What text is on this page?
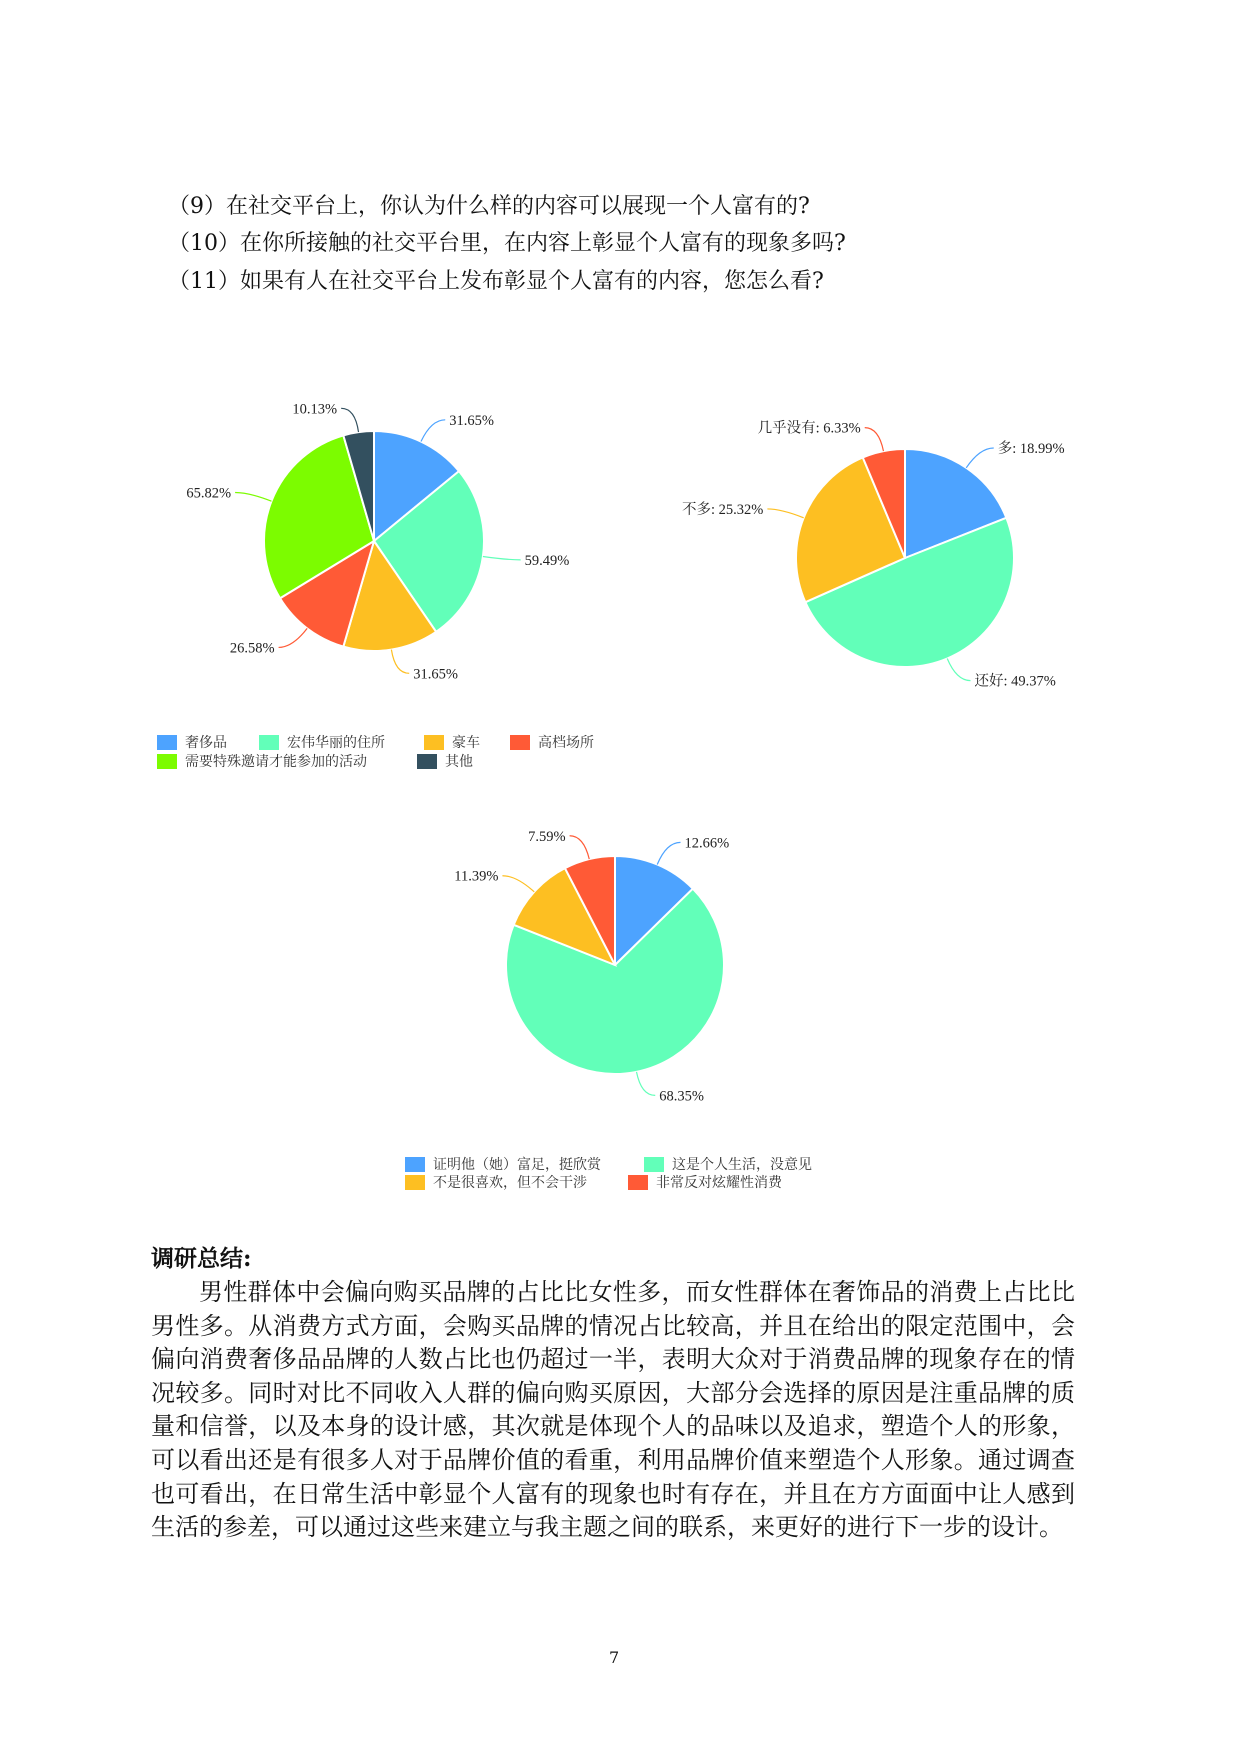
（9）在社交平台上，你认为什么样的内容可以展现一个人富有的?
（10）在你所接触的社交平台里，在内容上彰显个人富有的现象多吗?
（11）如果有人在社交平台上发布彰显个人富有的内容，您怎么看?
31.65%
59.49%
31.65%
26.58%
65.82%
10.13%
多: 18.99%
还好: 49.37%
不多: 25.32%
几乎没有: 6.33%
12.66%
68.35%
11.39%
7.59%
奢侈品	宏伟华丽的住所	豪车	高档场所
需要特殊邀请才能参加的活动	其他
证明他（她）富足，挺欣赏	这是个人生活，没意见
不是很喜欢，但不会干涉	非常反对炫耀性消费
调研总结:
男性群体中会偏向购买品牌的占比比女性多，而女性群体在奢饰品的消费上占比比男性多。从消费方式方面，会购买品牌的情况占比较高，并且在给出的限定范围中，会偏向消费奢侈品品牌的人数占比也仍超过一半，表明大众对于消费品牌的现象存在的情况较多。同时对比不同收入人群的偏向购买原因，大部分会选择的原因是注重品牌的质量和信誉，以及本身的设计感，其次就是体现个人的品味以及追求，塑造个人的形象，可以看出还是有很多人对于品牌价值的看重，利用品牌价值来塑造个人形象。通过调查也可看出，在日常生活中彰显个人富有的现象也时有存在，并且在方方面面中让人感到生活的参差，可以通过这些来建立与我主题之间的联系，来更好的进行下一步的设计。
7
